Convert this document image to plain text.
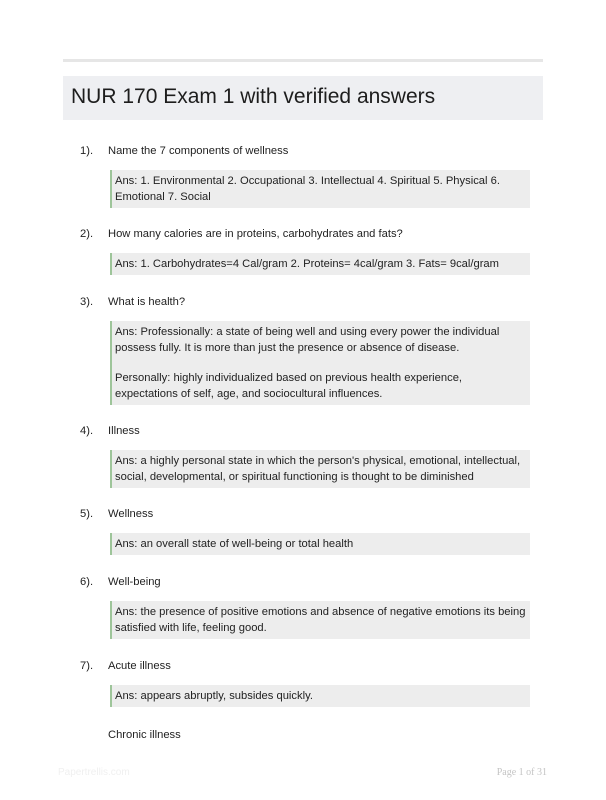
NUR 170 Exam 1 with verified answers
1). Name the 7 components of wellness

Ans: 1. Environmental 2. Occupational 3. Intellectual 4. Spiritual 5. Physical 6. Emotional 7. Social

2). How many calories are in proteins, carbohydrates and fats?

Ans: 1. Carbohydrates=4 Cal/gram 2. Proteins= 4cal/gram 3. Fats= 9cal/gram

3). What is health?

Ans: Professionally: a state of being well and using every power the individual possess fully. It is more than just the presence or absence of disease.

Personally: highly individualized based on previous health experience, expectations of self, age, and sociocultural influences.

4). Illness

Ans: a highly personal state in which the person's physical, emotional, intellectual, social, developmental, or spiritual functioning is thought to be diminished

5). Wellness

Ans: an overall state of well-being or total health

6). Well-being

Ans: the presence of positive emotions and absence of negative emotions its being satisfied with life, feeling good.

7). Acute illness

Ans: appears abruptly, subsides quickly.

Chronic illness
Papertrellis.com	Page 1 of 31
